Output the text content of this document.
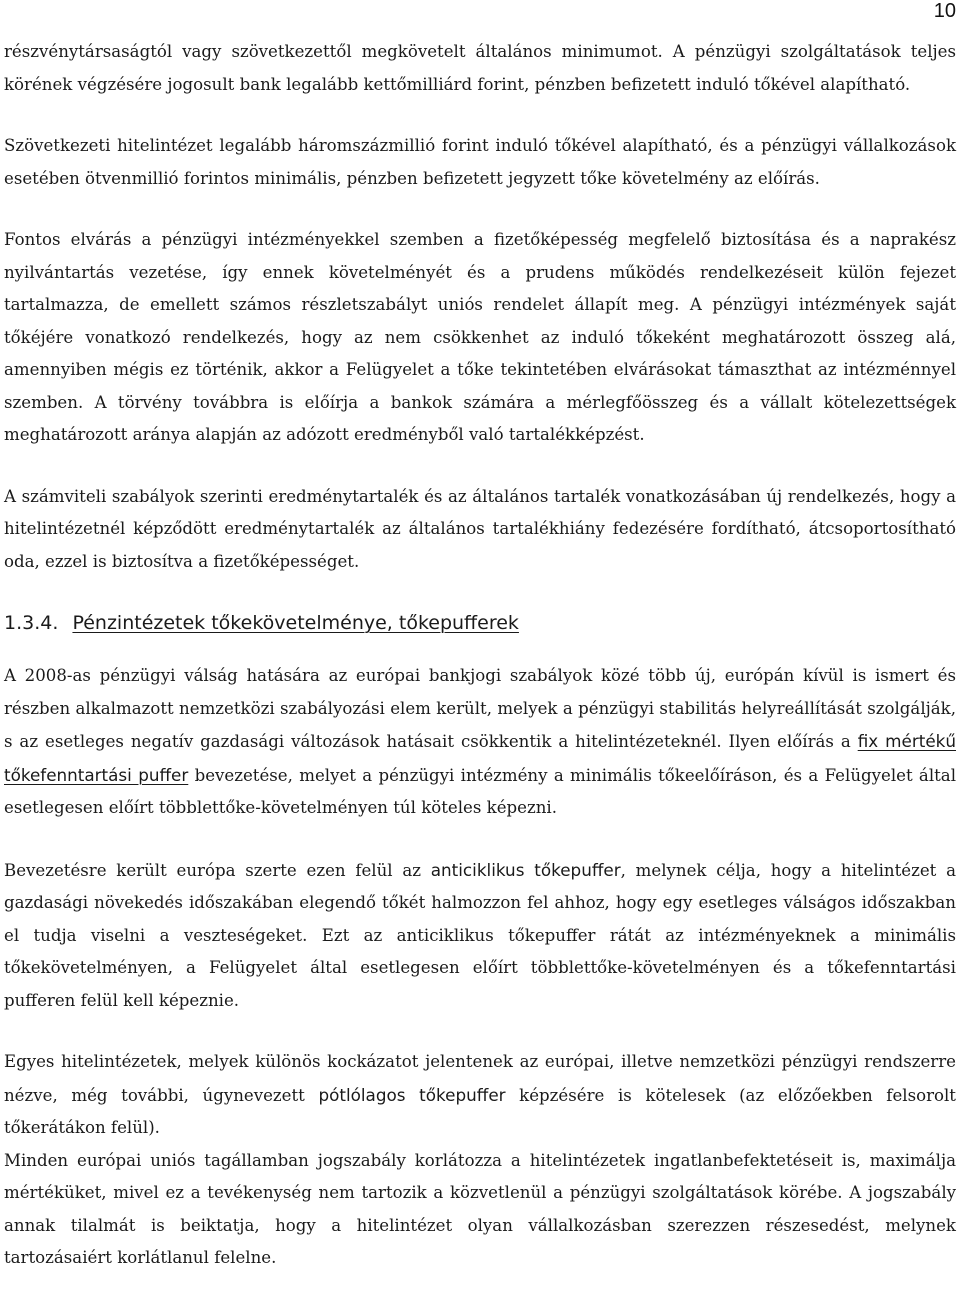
10

részvénytársaságtól vagy szövetkezettől megkövetelt általános minimumot. A pénzügyi szolgáltatások teljes körének végzésére jogosult bank legalább kettőmilliárd forint, pénzben befizetett induló tőkével alapítható.

Szövetkezeti hitelintézet legalább háromszázmillió forint induló tőkével alapítható, és a pénzügyi vállalkozások esetében ötvenmillió forintos minimális, pénzben befizetett jegyzett tőke követelmény az előírás.

Fontos elvárás a pénzügyi intézményekkel szemben a fizetőképesség megfelelő biztosítása és a naprakész nyilvántartás vezetése, így ennek követelményét és a prudens működés rendelkezéseit külön fejezet tartalmazza, de emellett számos részletszabályt uniós rendelet állapít meg. A pénzügyi intézmények saját tőkéjére vonatkozó rendelkezés, hogy az nem csökkenhet az induló tőkeként meghatározott összeg alá, amennyiben mégis ez történik, akkor a Felügyelet a tőke tekintetében elvárásokat támaszthat az intézménnyel szemben. A törvény továbbra is előírja a bankok számára a mérlegfőösszeg és a vállalt kötelezettségek meghatározott aránya alapján az adózott eredményből való tartalékképzést.

A számviteli szabályok szerinti eredménytartalék és az általános tartalék vonatkozásában új rendelkezés, hogy a hitelintézetnél képződött eredménytartalék az általános tartalékhiány fedezésére fordítható, átcsoportosítható oda, ezzel is biztosítva a fizetőképességet.

1.3.4. Pénzintézetek tőkekövetelménye, tőkepufferek

A 2008-as pénzügyi válság hatására az európai bankjogi szabályok közé több új, európán kívül is ismert és részben alkalmazott nemzetközi szabályozási elem került, melyek a pénzügyi stabilitás helyreállítását szolgálják, s az esetleges negatív gazdasági változások hatásait csökkentik a hitelintézeteknél. Ilyen előírás a fix mértékű tőkefenntartási puffer bevezetése, melyet a pénzügyi intézmény a minimális tőkeelőíráson, és a Felügyelet által esetlegesen előírt többlettőke-követelményen túl köteles képezni.

Bevezetésre került európa szerte ezen felül az anticiklikus tőkepuffer, melynek célja, hogy a hitelintézet a gazdasági növekedés időszakában elegendő tőkét halmozzon fel ahhoz, hogy egy esetleges válságos időszakban el tudja viselni a veszteségeket. Ezt az anticiklikus tőkepuffer rátát az intézményeknek a minimális tőkekövetelményen, a Felügyelet által esetlegesen előírt többlettőke-követelményen és a tőkefenntartási pufferen felül kell képeznie.

Egyes hitelintézetek, melyek különös kockázatot jelentenek az európai, illetve nemzetközi pénzügyi rendszerre nézve, még további, úgynevezett pótlólagos tőkepuffer képzésére is kötelesek (az előzőekben felsorolt tőkerátákon felül).

Minden európai uniós tagállamban jogszabály korlátozza a hitelintézetek ingatlanbefektetéseit is, maximálja mértéküket, mivel ez a tevékenység nem tartozik a közvetlenül a pénzügyi szolgáltatások körébe. A jogszabály annak tilalmát is beiktatja, hogy a hitelintézet olyan vállalkozásban szerezzen részesedést, melynek tartozásaiért korlátlanul felelne.
